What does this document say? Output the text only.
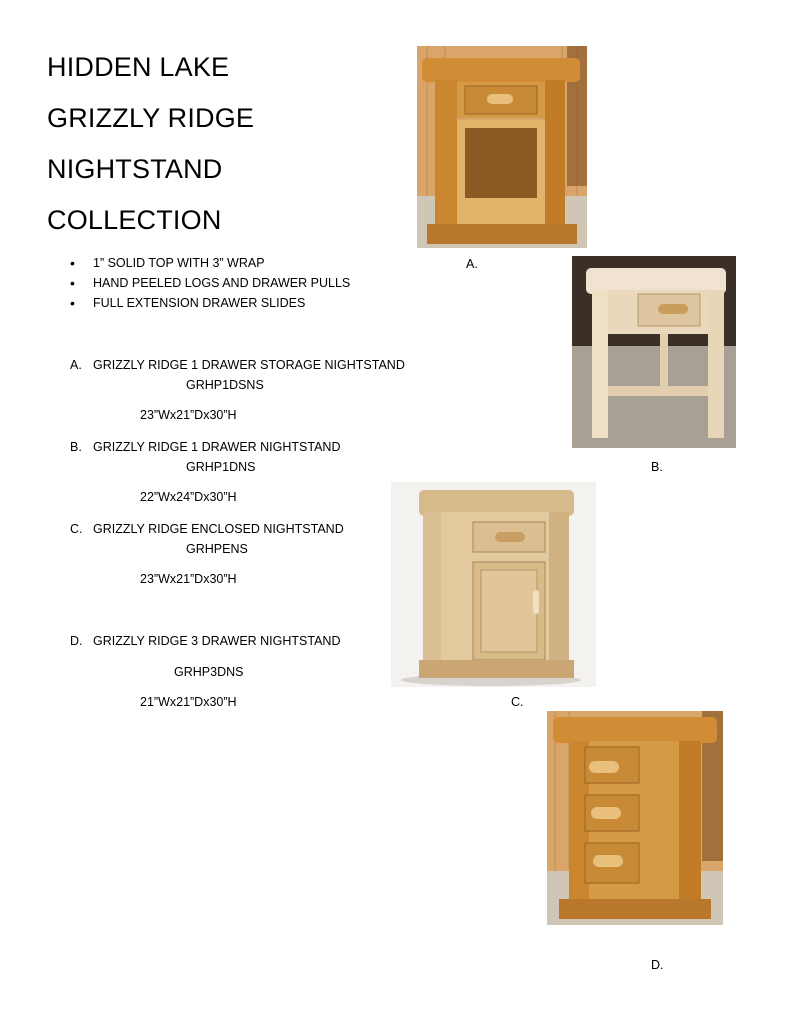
HIDDEN LAKE
GRIZZLY RIDGE
NIGHTSTAND
COLLECTION
• 1” SOLID TOP WITH 3” WRAP
• HAND PEELED LOGS AND DRAWER PULLS
• FULL EXTENSION DRAWER SLIDES
A. GRIZZLY RIDGE 1 DRAWER STORAGE NIGHTSTAND
GRHP1DSNS
23”Wx21”Dx30”H
B. GRIZZLY RIDGE 1 DRAWER NIGHTSTAND
GRHP1DNS
22”Wx24”Dx30”H
C. GRIZZLY RIDGE ENCLOSED NIGHTSTAND
GRHPENS
23”Wx21”Dx30”H
D. GRIZZLY RIDGE 3 DRAWER NIGHTSTAND
GRHP3DNS
21”Wx21”Dx30”H
A.
B.
C.
D.
